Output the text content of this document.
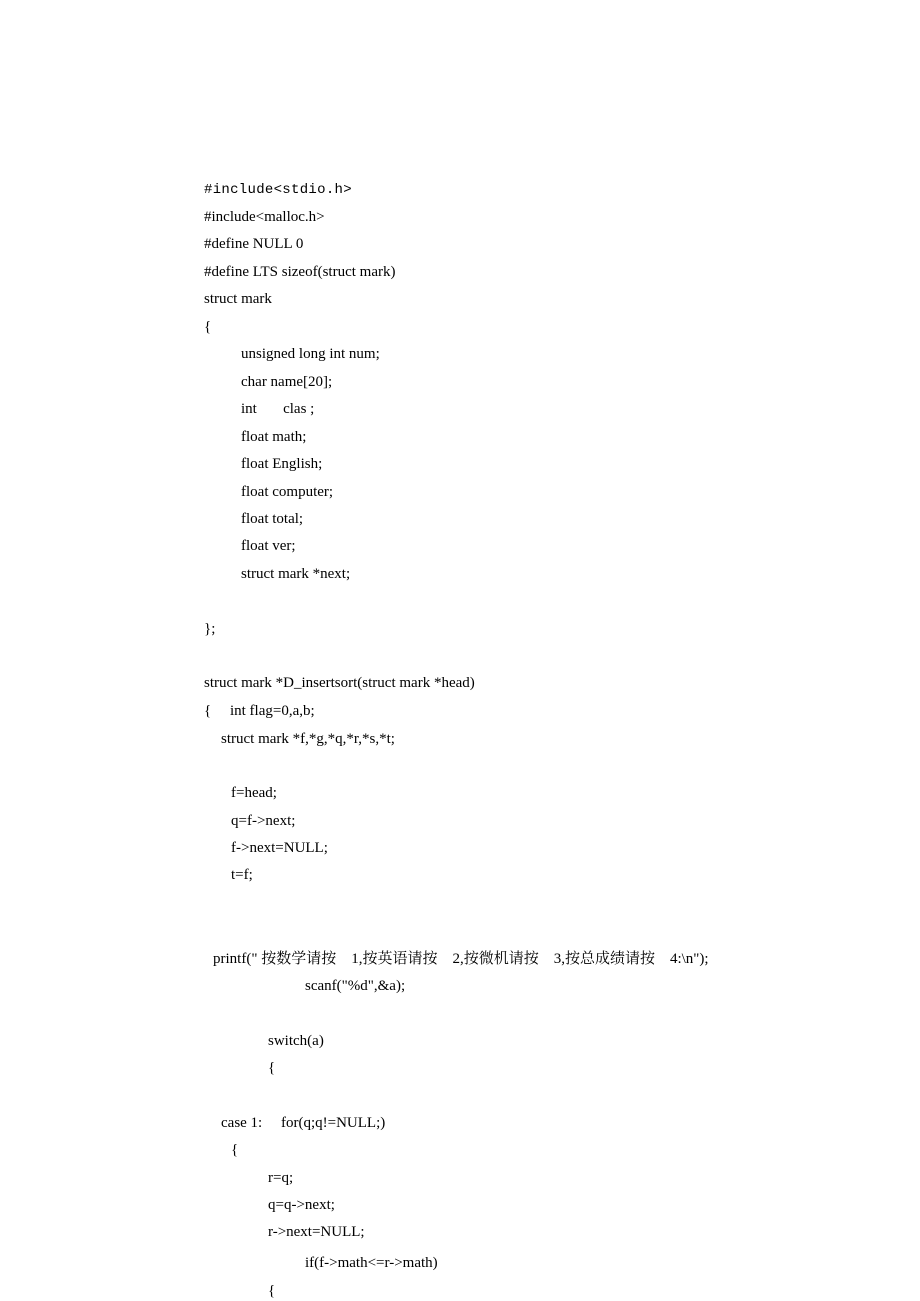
#include<stdio.h>
#include<malloc.h>
#define NULL 0
#define LTS sizeof(struct mark)
struct mark
{
unsigned long int num;
char name[20];
int       clas ;
float math;
float English;
float computer;
float total;
float ver;
struct mark *next;
};
struct mark *D_insertsort(struct mark *head)
{     int flag=0,a,b;
struct mark *f,*g,*q,*r,*s,*t;
f=head;
q=f->next;
f->next=NULL;
t=f;
printf(" 按数学请按    1,按英语请按    2,按微机请按    3,按总成绩请按    4:\n");
scanf("%d",&a);
switch(a)
{
case 1:     for(q;q!=NULL;)
{
r=q;
q=q->next;
r->next=NULL;
if(f->math<=r->math)
{
